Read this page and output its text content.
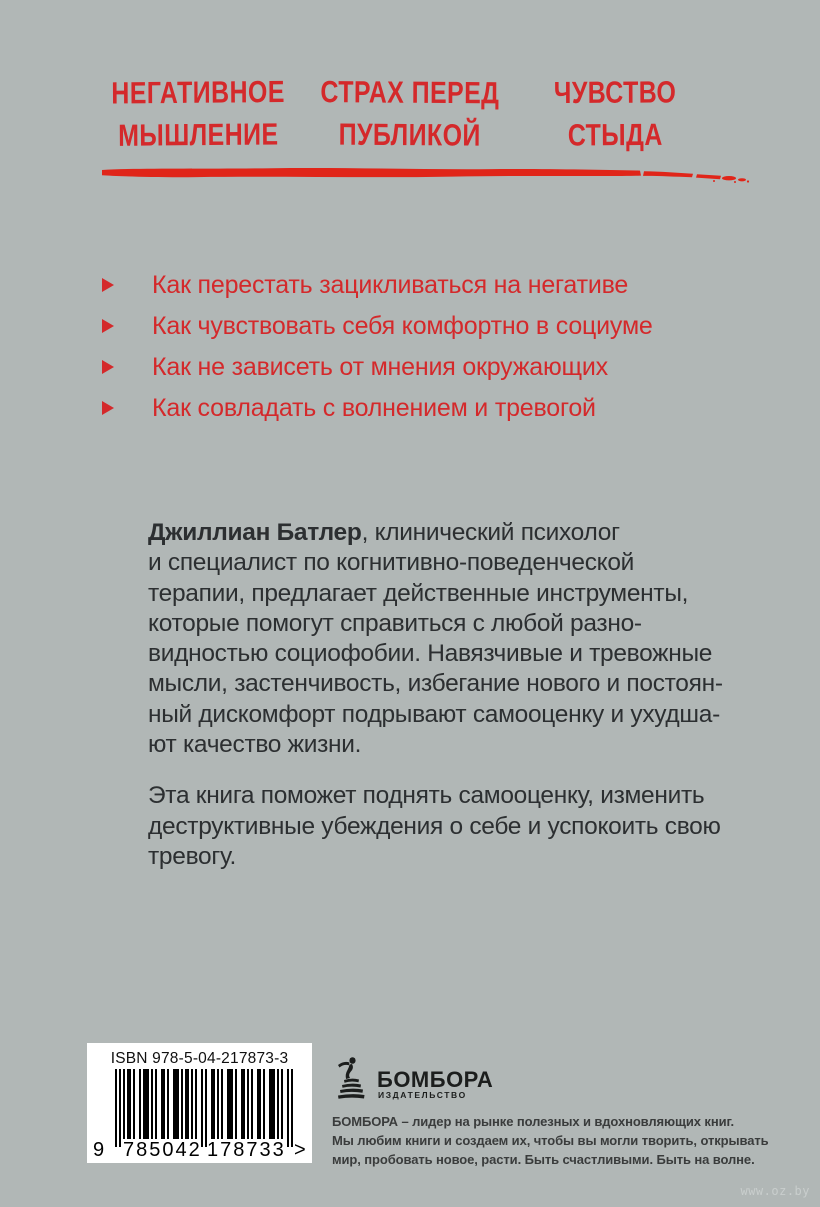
НЕГАТИВНОЕ
МЫШЛЕНИЕ
СТРАХ ПЕРЕД
ПУБЛИКОЙ
ЧУВСТВО
СТЫДА
Как перестать зацикливаться на негативе
Как чувствовать себя комфортно в социуме
Как не зависеть от мнения окружающих
Как совладать с волнением и тревогой
Джиллиан Батлер, клинический психолог
и специалист по когнитивно-поведенческой
терапии, предлагает действенные инструменты,
которые помогут справиться с любой разно-
видностью социофобии. Навязчивые и тревожные
мысли, застенчивость, избегание нового и постоян-
ный дискомфорт подрывают самооценку и ухудша-
ют качество жизни.
Эта книга поможет поднять самооценку, изменить
деструктивные убеждения о себе и успокоить свою
тревогу.
ISBN 978-5-04-217873-3
9 785042 178733 >
БОМБОРА
ИЗДАТЕЛЬСТВО
БОМБОРА – лидер на рынке полезных и вдохновляющих книг.
Мы любим книги и создаем их, чтобы вы могли творить, открывать
мир, пробовать новое, расти. Быть счастливыми. Быть на волне.
www.oz.by
